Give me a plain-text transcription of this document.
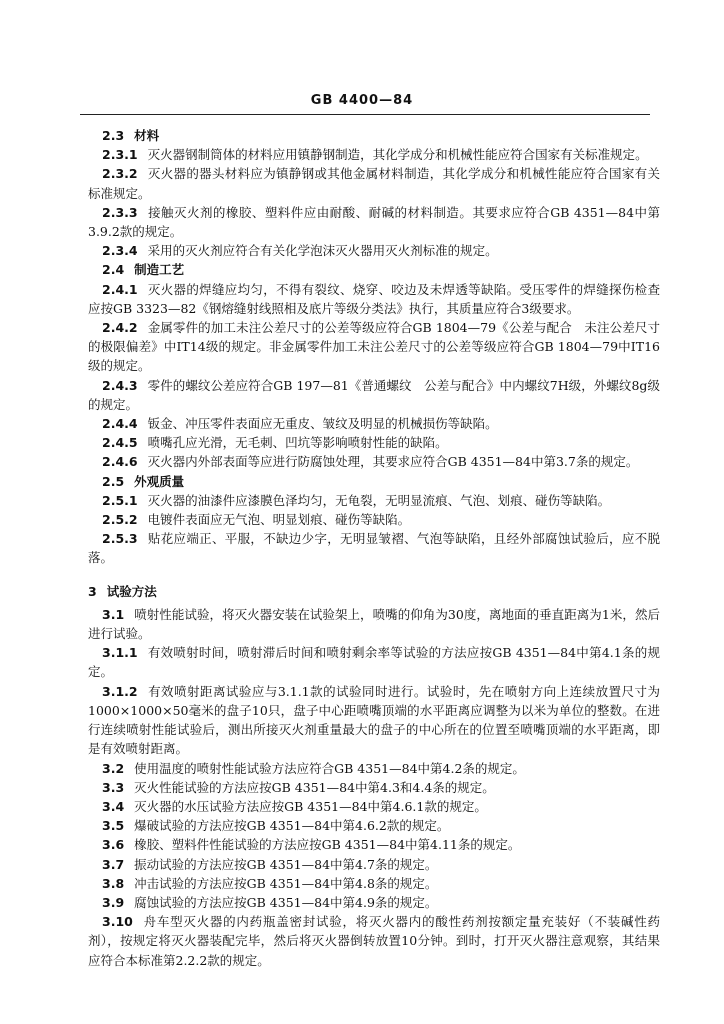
GB 4400—84

2.3 材料

2.3.1 灭火器钢制筒体的材料应用镇静钢制造，其化学成分和机械性能应符合国家有关标准规定。

2.3.2 灭火器的器头材料应为镇静钢或其他金属材料制造，其化学成分和机械性能应符合国家有关标准规定。

2.3.3 接触灭火剂的橡胶、塑料件应由耐酸、耐碱的材料制造。其要求应符合GB 4351—84中第3.9.2款的规定。

2.3.4 采用的灭火剂应符合有关化学泡沫灭火器用灭火剂标准的规定。

2.4 制造工艺

2.4.1 灭火器的焊缝应均匀，不得有裂纹、烧穿、咬边及未焊透等缺陷。受压零件的焊缝探伤检查应按GB 3323—82《钢熔缝射线照相及底片等级分类法》执行，其质量应符合3级要求。

2.4.2 金属零件的加工未注公差尺寸的公差等级应符合GB 1804—79《公差与配合　未注公差尺寸的极限偏差》中IT14级的规定。非金属零件加工未注公差尺寸的公差等级应符合GB 1804—79中IT16级的规定。

2.4.3 零件的螺纹公差应符合GB 197—81《普通螺纹　公差与配合》中内螺纹7H级，外螺纹8g级的规定。

2.4.4 钣金、冲压零件表面应无重皮、皱纹及明显的机械损伤等缺陷。

2.4.5 喷嘴孔应光滑，无毛刺、凹坑等影响喷射性能的缺陷。

2.4.6 灭火器内外部表面等应进行防腐蚀处理，其要求应符合GB 4351—84中第3.7条的规定。

2.5 外观质量

2.5.1 灭火器的油漆件应漆膜色泽均匀，无龟裂，无明显流痕、气泡、划痕、碰伤等缺陷。

2.5.2 电镀件表面应无气泡、明显划痕、碰伤等缺陷。

2.5.3 贴花应端正、平服，不缺边少字，无明显皱褶、气泡等缺陷，且经外部腐蚀试验后，应不脱落。

3 试验方法

3.1 喷射性能试验，将灭火器安装在试验架上，喷嘴的仰角为30度，离地面的垂直距离为1米，然后进行试验。

3.1.1 有效喷射时间，喷射滞后时间和喷射剩余率等试验的方法应按GB 4351—84中第4.1条的规定。

3.1.2 有效喷射距离试验应与3.1.1款的试验同时进行。试验时，先在喷射方向上连续放置尺寸为1000×1000×50毫米的盘子10只，盘子中心距喷嘴顶端的水平距离应调整为以米为单位的整数。在进行连续喷射性能试验后，测出所接灭火剂重量最大的盘子的中心所在的位置至喷嘴顶端的水平距离，即是有效喷射距离。

3.2 使用温度的喷射性能试验方法应符合GB 4351—84中第4.2条的规定。

3.3 灭火性能试验的方法应按GB 4351—84中第4.3和4.4条的规定。

3.4 灭火器的水压试验方法应按GB 4351—84中第4.6.1款的规定。

3.5 爆破试验的方法应按GB 4351—84中第4.6.2款的规定。

3.6 橡胶、塑料件性能试验的方法应按GB 4351—84中第4.11条的规定。

3.7 振动试验的方法应按GB 4351—84中第4.7条的规定。

3.8 冲击试验的方法应按GB 4351—84中第4.8条的规定。

3.9 腐蚀试验的方法应按GB 4351—84中第4.9条的规定。

3.10 舟车型灭火器的内药瓶盖密封试验，将灭火器内的酸性药剂按额定量充装好（不装碱性药剂），按规定将灭火器装配完毕，然后将灭火器倒转放置10分钟。到时，打开灭火器注意观察，其结果应符合本标准第2.2.2款的规定。
